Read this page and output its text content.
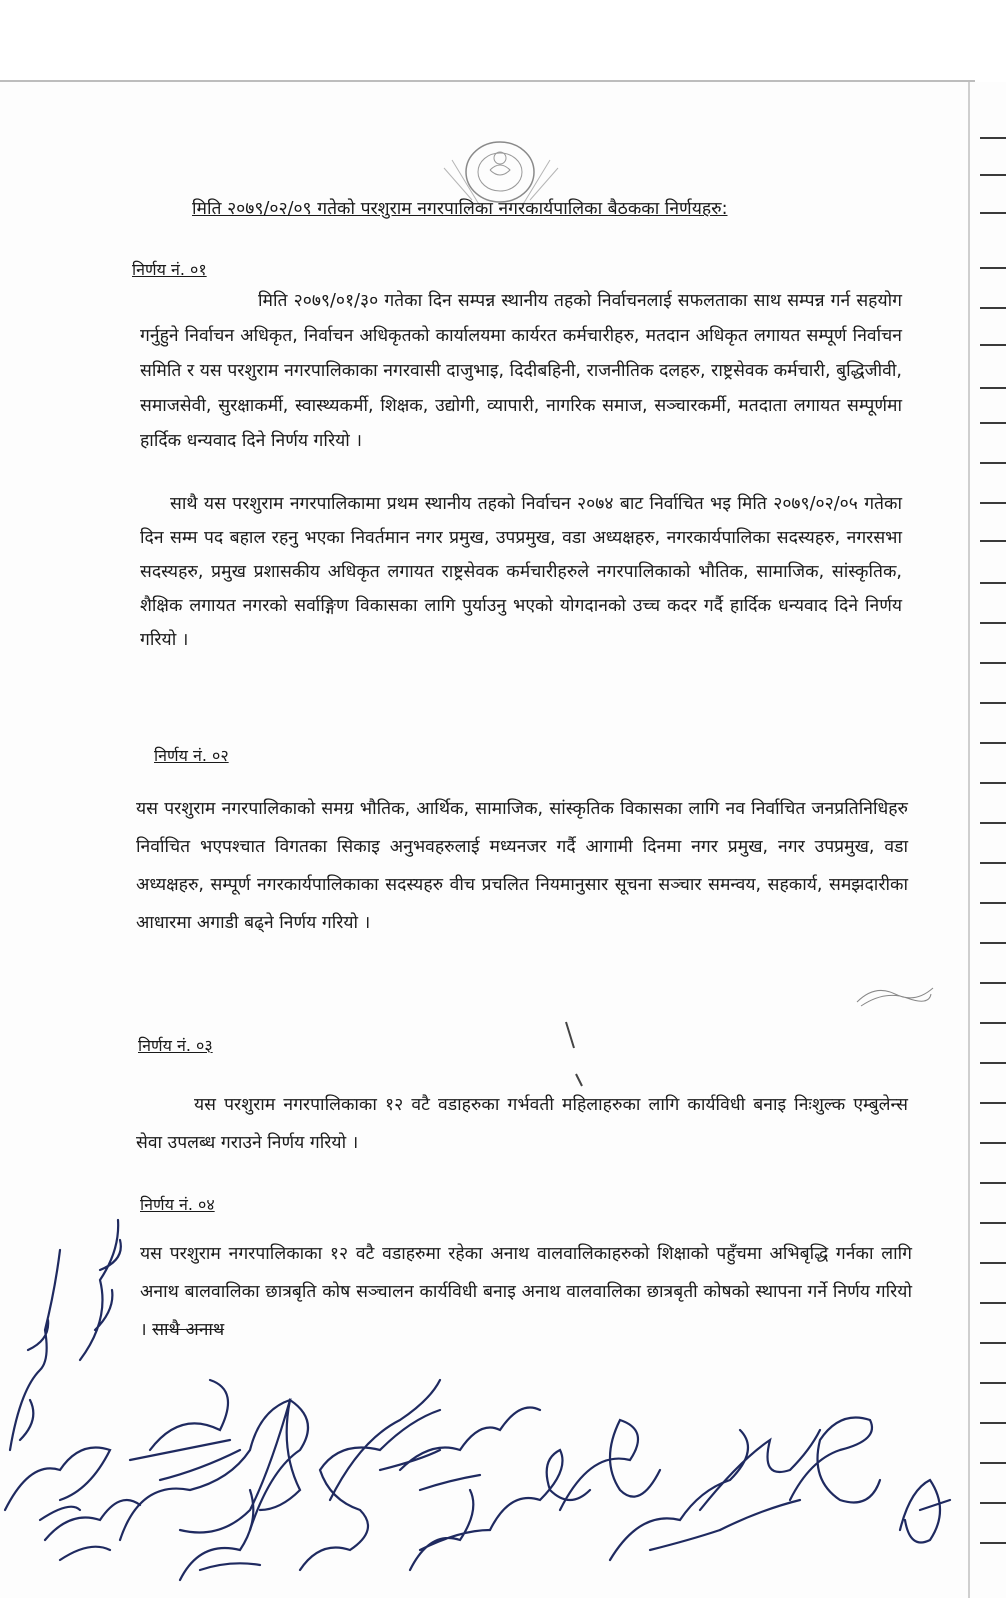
मिति २०७९/०२/०९ गतेको परशुराम नगरपालिका नगरकार्यपालिका बैठकका निर्णयहरु:
निर्णय नं. ०१
मिति २०७९/०१/३० गतेका दिन सम्पन्न स्थानीय तहको निर्वाचनलाई सफलताका साथ सम्पन्न गर्न सहयोग गर्नुहुने निर्वाचन अधिकृत, निर्वाचन अधिकृतको कार्यालयमा कार्यरत कर्मचारीहरु, मतदान अधिकृत लगायत सम्पूर्ण निर्वाचन समिति र यस परशुराम नगरपालिकाका नगरवासी दाजुभाइ, दिदीबहिनी, राजनीतिक दलहरु, राष्ट्रसेवक कर्मचारी, बुद्धिजीवी, समाजसेवी, सुरक्षाकर्मी, स्वास्थ्यकर्मी, शिक्षक, उद्योगी, व्यापारी, नागरिक समाज, सञ्चारकर्मी, मतदाता लगायत सम्पूर्णमा हार्दिक धन्यवाद दिने निर्णय गरियो ।
साथै यस परशुराम नगरपालिकामा प्रथम स्थानीय तहको निर्वाचन २०७४ बाट निर्वाचित भइ मिति २०७९/०२/०५ गतेका दिन सम्म पद बहाल रहनु भएका निवर्तमान नगर प्रमुख, उपप्रमुख, वडा अध्यक्षहरु, नगरकार्यपालिका सदस्यहरु, नगरसभा सदस्यहरु, प्रमुख प्रशासकीय अधिकृत लगायत राष्ट्रसेवक कर्मचारीहरुले नगरपालिकाको भौतिक, सामाजिक, सांस्कृतिक, शैक्षिक लगायत नगरको सर्वाङ्गिण विकासका लागि पुर्याउनु भएको योगदानको उच्च कदर गर्दै हार्दिक धन्यवाद दिने निर्णय गरियो ।
निर्णय नं. ०२
यस परशुराम नगरपालिकाको समग्र भौतिक, आर्थिक, सामाजिक, सांस्कृतिक विकासका लागि नव निर्वाचित जनप्रतिनिधिहरु निर्वाचित भएपश्चात विगतका सिकाइ अनुभवहरुलाई मध्यनजर गर्दै आगामी दिनमा नगर प्रमुख, नगर उपप्रमुख, वडा अध्यक्षहरु, सम्पूर्ण नगरकार्यपालिकाका सदस्यहरु वीच प्रचलित नियमानुसार सूचना सञ्चार समन्वय, सहकार्य, समझदारीका आधारमा अगाडी बढ्ने निर्णय गरियो ।
निर्णय नं. ०३
यस परशुराम नगरपालिकाका १२ वटै वडाहरुका गर्भवती महिलाहरुका लागि कार्यविधी बनाइ निःशुल्क एम्बुलेन्स सेवा उपलब्ध गराउने निर्णय गरियो ।
निर्णय नं. ०४
यस परशुराम नगरपालिकाका १२ वटै वडाहरुमा रहेका अनाथ वालवालिकाहरुको शिक्षाको पहुँचमा अभिबृद्धि गर्नका लागि अनाथ बालवालिका छात्रबृति कोष सञ्चालन कार्यविधी बनाइ अनाथ वालवालिका छात्रबृती कोषको स्थापना गर्ने निर्णय गरियो । साथै अनाथ
